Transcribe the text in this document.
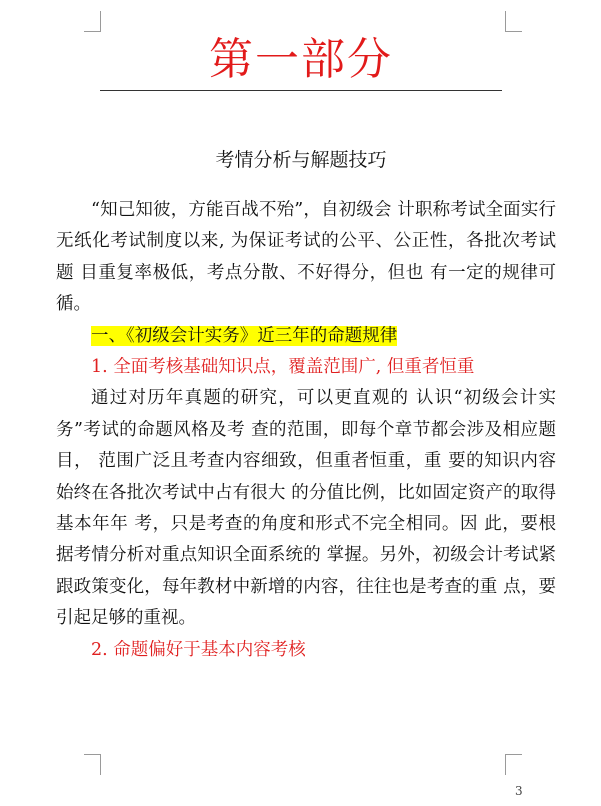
第一部分
考情分析与解题技巧

“知己知彼，方能百战不殆”，自初级会 计职称考试全面实行无纸化考试制度以来, 为保证考试的公平、公正性，各批次考试题 目重复率极低，考点分散、不好得分，但也 有一定的规律可循。

一、《初级会计实务》近三年的命题规律

1. 全面考核基础知识点，覆盖范围广, 但重者恒重

通过对历年真题的研究，可以更直观的 认识“初级会计实务”考试的命题风格及考 查的范围，即每个章节都会涉及相应题目， 范围广泛且考查内容细致，但重者恒重，重 要的知识内容始终在各批次考试中占有很大 的分值比例，比如固定资产的取得基本年年 考，只是考查的角度和形式不完全相同。因 此，要根据考情分析对重点知识全面系统的 掌握。另外，初级会计考试紧跟政策变化，每年教材中新增的内容，往往也是考查的重 点，要引起足够的重视。

2. 命题偏好于基本内容考核

3
